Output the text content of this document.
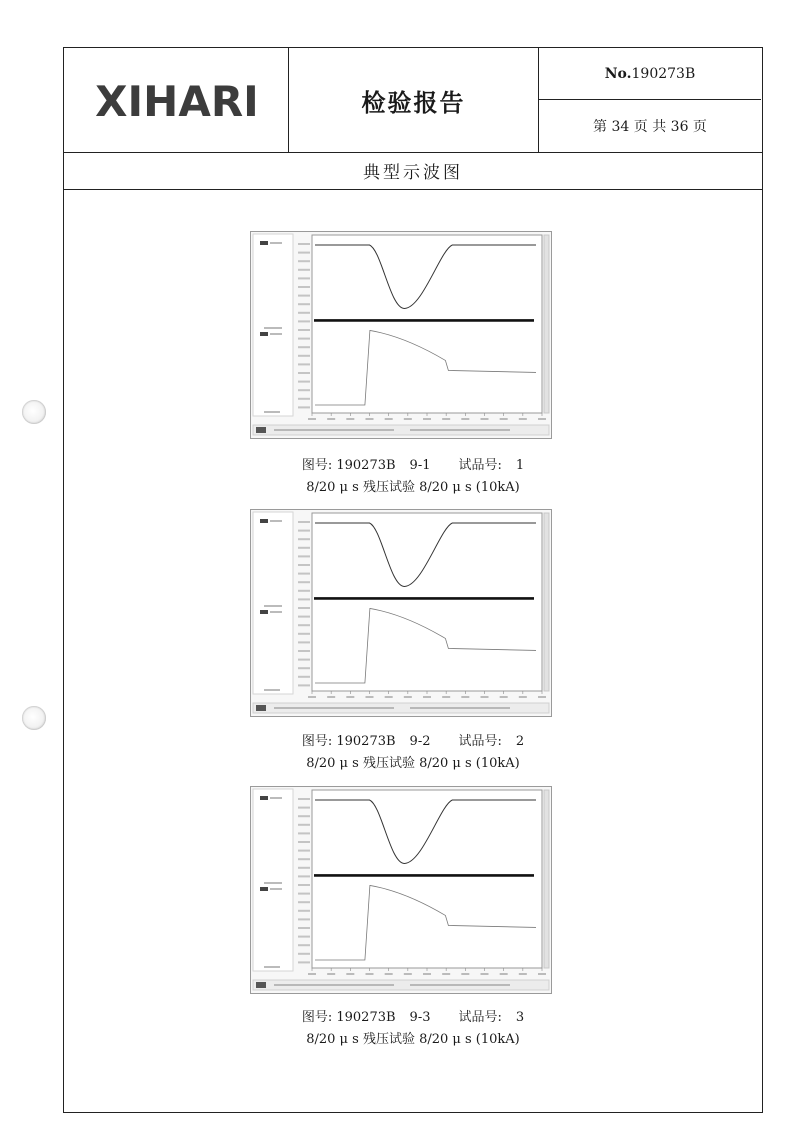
XIHARI	检验报告
No. 190273B
第 34 页 共 36 页
典型示波图
图号: 190273B 9-1 试品号: 1
8/20 μ s 残压试验 8/20 μ s (10kA)
图号: 190273B 9-2 试品号: 2
8/20 μ s 残压试验 8/20 μ s (10kA)
图号: 190273B 9-3 试品号: 3
8/20 μ s 残压试验 8/20 μ s (10kA)
